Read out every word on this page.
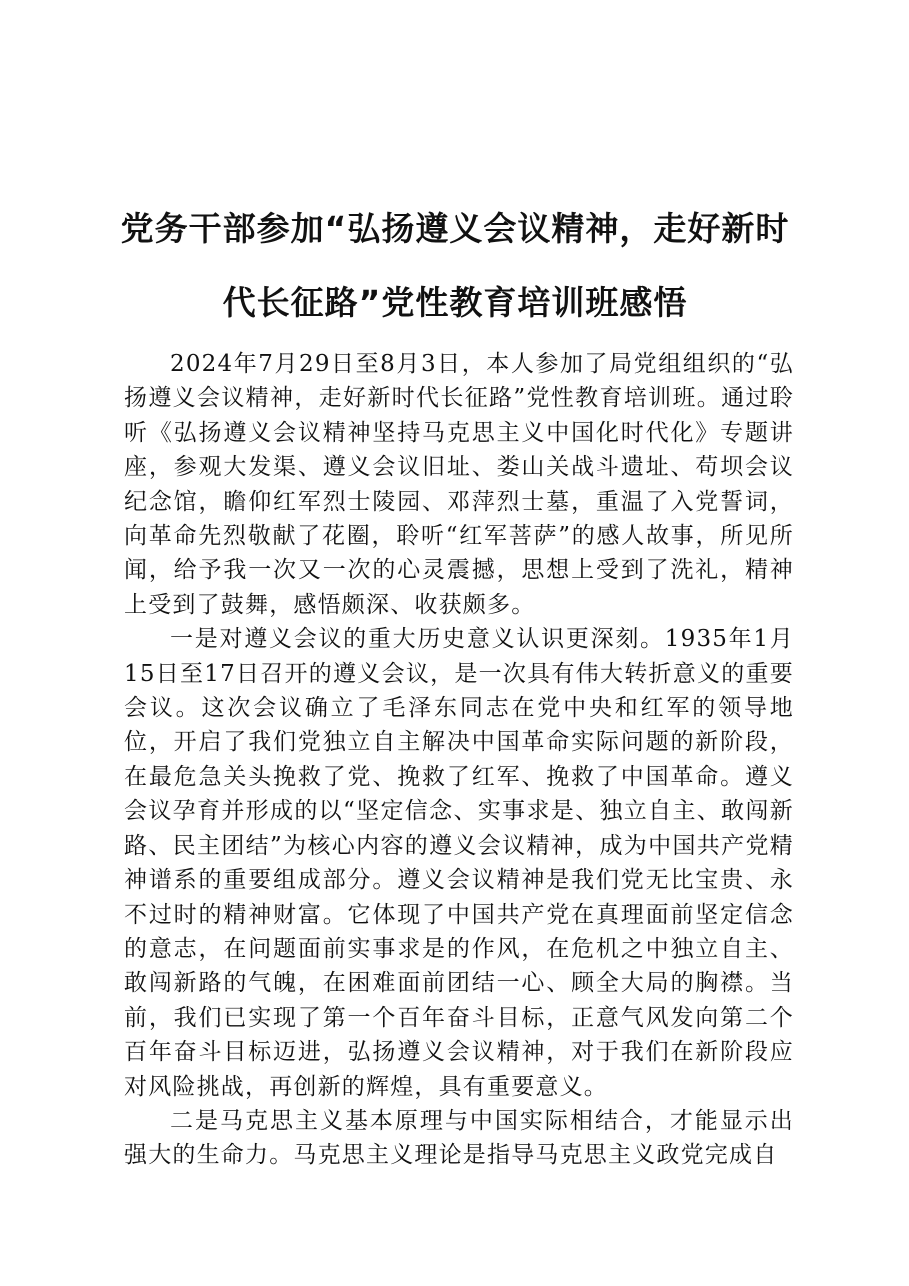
党务干部参加“弘扬遵义会议精神，走好新时
代长征路”党性教育培训班感悟

2024年7月29日至8月3日，本人参加了局党组组织的“弘扬遵义会议精神，走好新时代长征路”党性教育培训班。通过聆听《弘扬遵义会议精神坚持马克思主义中国化时代化》专题讲座，参观大发渠、遵义会议旧址、娄山关战斗遗址、苟坝会议纪念馆，瞻仰红军烈士陵园、邓萍烈士墓，重温了入党誓词，向革命先烈敬献了花圈，聆听“红军菩萨”的感人故事，所见所闻，给予我一次又一次的心灵震撼，思想上受到了洗礼，精神上受到了鼓舞，感悟颇深、收获颇多。

一是对遵义会议的重大历史意义认识更深刻。1935年1月15日至17日召开的遵义会议，是一次具有伟大转折意义的重要会议。这次会议确立了毛泽东同志在党中央和红军的领导地位，开启了我们党独立自主解决中国革命实际问题的新阶段，在最危急关头挽救了党、挽救了红军、挽救了中国革命。遵义会议孕育并形成的以“坚定信念、实事求是、独立自主、敢闯新路、民主团结”为核心内容的遵义会议精神，成为中国共产党精神谱系的重要组成部分。遵义会议精神是我们党无比宝贵、永不过时的精神财富。它体现了中国共产党在真理面前坚定信念的意志，在问题面前实事求是的作风，在危机之中独立自主、敢闯新路的气魄，在困难面前团结一心、顾全大局的胸襟。当前，我们已实现了第一个百年奋斗目标，正意气风发向第二个百年奋斗目标迈进，弘扬遵义会议精神，对于我们在新阶段应对风险挑战，再创新的辉煌，具有重要意义。

二是马克思主义基本原理与中国实际相结合，才能显示出强大的生命力。马克思主义理论是指导马克思主义政党完成自
